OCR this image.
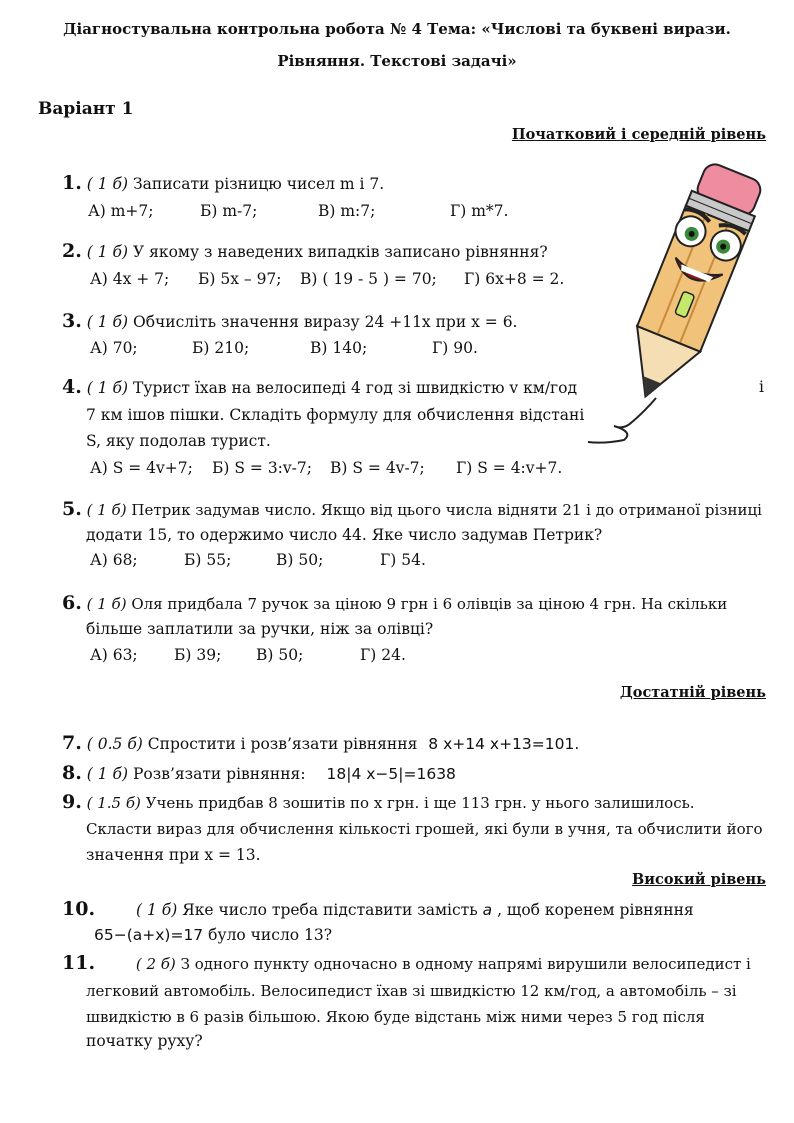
Діагностувальна контрольна робота № 4 Тема: «Числові та буквені вирази.
Рівняння. Текстові задачі»
Варіант 1
Початковий і середній рівень
1. ( 1 б) Записати різницю чисел m і 7.
А) m+7;	Б) m-7;	В) m:7;	Г) m*7.
2. ( 1 б) У якому з наведених випадків записано рівняння?
А) 4x + 7; Б) 5x – 97; В) ( 19 - 5 ) = 70; Г) 6x+8 = 2.
3. ( 1 б) Обчисліть значення виразу 24 +11x при x = 6.
А) 70;	Б) 210;	В) 140;	Г) 90.
4. ( 1 б) Турист їхав на велосипеді 4 год зі швидкістю v км/год	і
7 км ішов пішки. Складіть формулу для обчислення відстані
S, яку подолав турист.
А) S = 4v+7; Б) S = 3:v-7; В) S = 4v-7; Г) S = 4:v+7.
5. ( 1 б) Петрик задумав число. Якщо від цього числа відняти 21 і до отриманої різниці
додати 15, то одержимо число 44. Яке число задумав Петрик?
А) 68;	Б) 55;	В) 50;	Г) 54.
6. ( 1 б) Оля придбала 7 ручок за ціною 9 грн і 6 олівців за ціною 4 грн. На скільки
більше заплатили за ручки, ніж за олівці?
А) 63; Б) 39; В) 50;	Г) 24.
Достатній рівень
7. ( 0.5 б) Спростити і розв’язати рівняння 8 x+14 x+13=101.
8. ( 1 б) Розв’язати рівняння: 18|4 x−5|=1638
9. ( 1.5 б) Учень придбав 8 зошитів по x грн. і ще 113 грн. у нього залишилось.
Скласти вираз для обчислення кількості грошей, які були в учня, та обчислити його
значення при x = 13.
Високий рівень
10.	( 1 б) Яке число треба підставити замість a , щоб коренем рівняння
65−(a+x)=17 було число 13?
11.	( 2 б) З одного пункту одночасно в одному напрямі вирушили велосипедист і
легковий автомобіль. Велосипедист їхав зі швидкістю 12 км/год, а автомобіль – зі
швидкістю в 6 разів більшою. Якою буде відстань між ними через 5 год після
початку руху?
